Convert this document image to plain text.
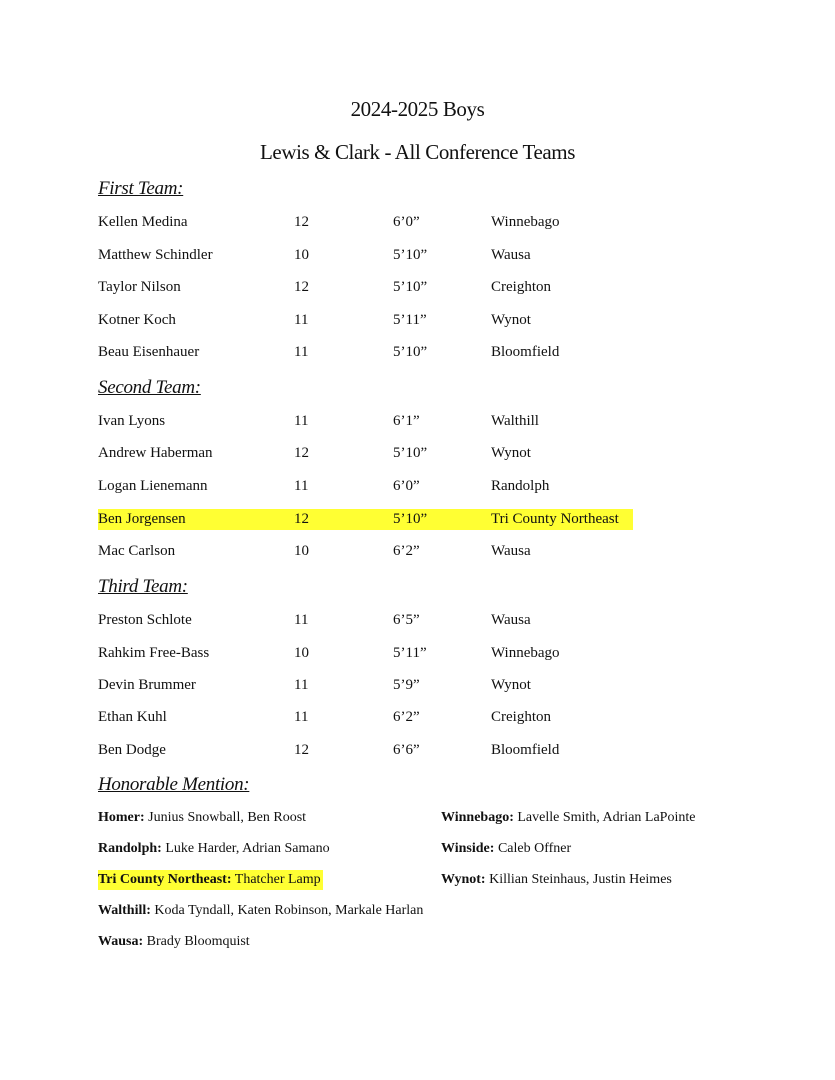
2024-2025 Boys
Lewis & Clark - All Conference Teams
First Team:
Kellen Medina	12	6’0”	Winnebago
Matthew Schindler	10	5’10”	Wausa
Taylor Nilson	12	5’10”	Creighton
Kotner Koch	11	5’11”	Wynot
Beau Eisenhauer	11	5’10”	Bloomfield
Second Team:
Ivan Lyons	11	6’1”	Walthill
Andrew Haberman	12	5’10”	Wynot
Logan Lienemann	11	6’0”	Randolph
Ben Jorgensen	12	5’10”	Tri County Northeast
Mac Carlson	10	6’2”	Wausa
Third Team:
Preston Schlote	11	6’5”	Wausa
Rahkim Free-Bass	10	5’11”	Winnebago
Devin Brummer	11	5’9”	Wynot
Ethan Kuhl	11	6’2”	Creighton
Ben Dodge	12	6’6”	Bloomfield
Honorable Mention:
Homer: Junius Snowball, Ben Roost	Winnebago: Lavelle Smith, Adrian LaPointe
Randolph: Luke Harder, Adrian Samano	Winside: Caleb Offner
Tri County Northeast: Thatcher Lamp	Wynot: Killian Steinhaus, Justin Heimes
Walthill: Koda Tyndall, Katen Robinson, Markale Harlan
Wausa: Brady Bloomquist
